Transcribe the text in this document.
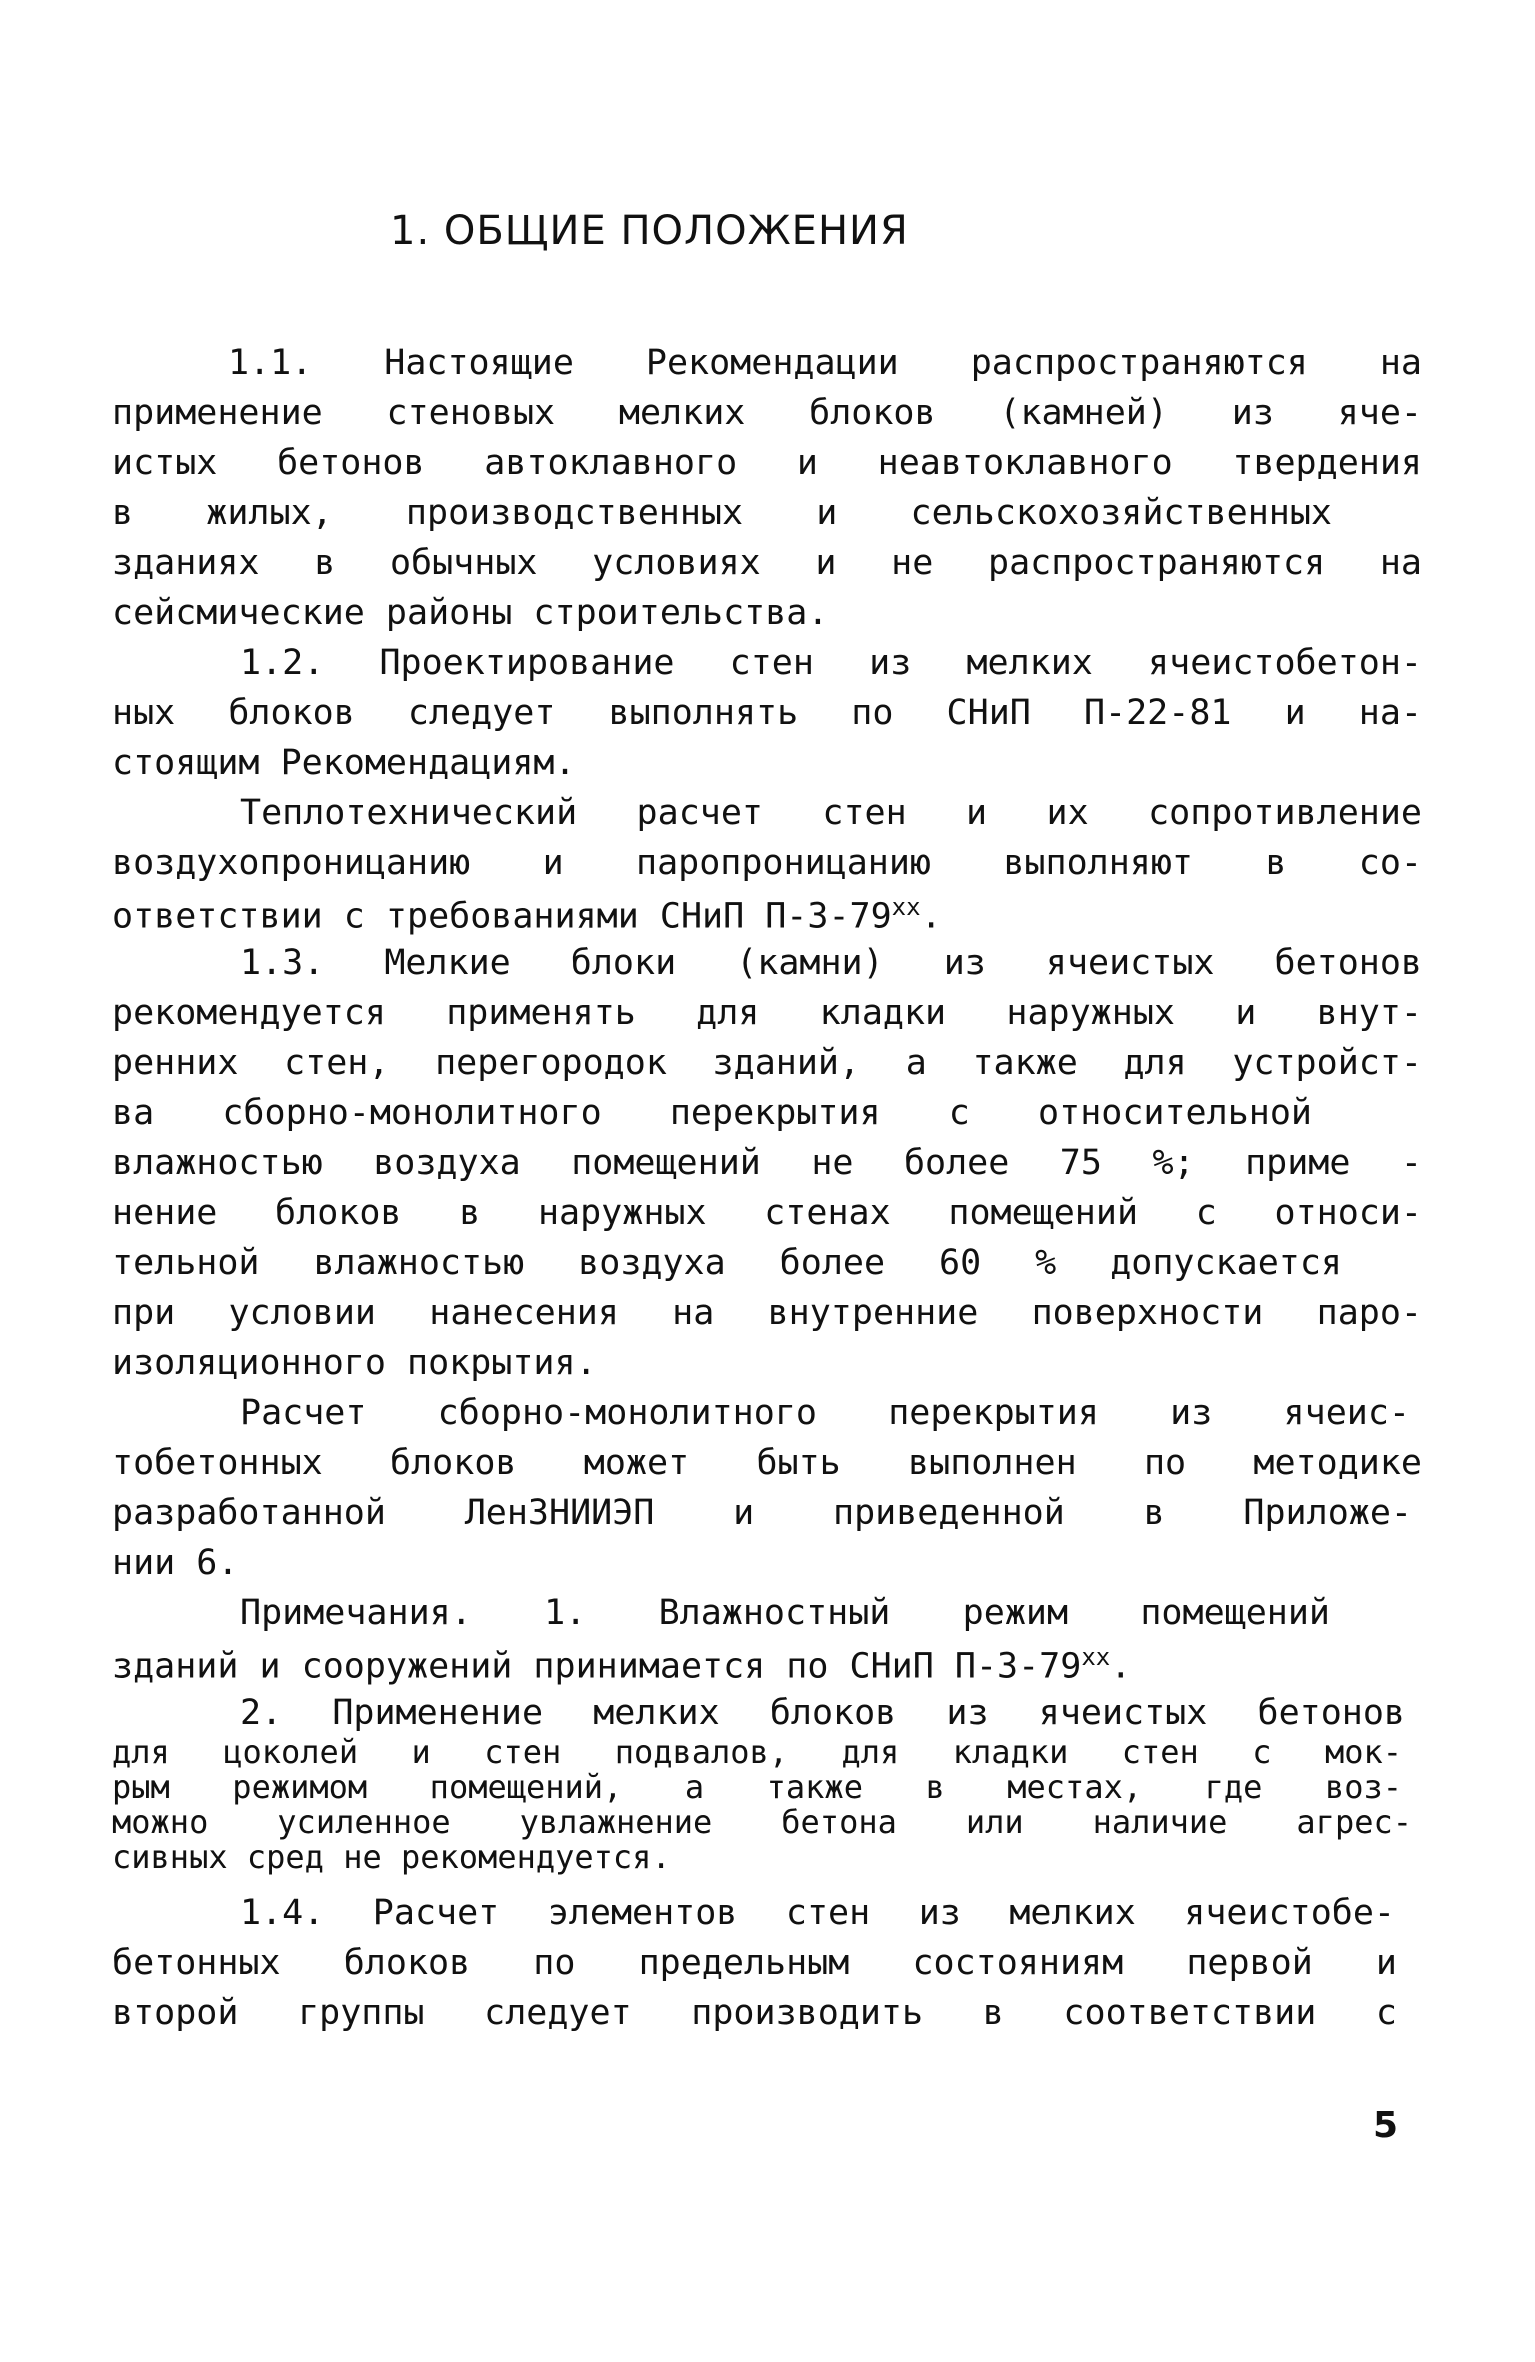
1. ОБЩИЕ ПОЛОЖЕНИЯ
1.1. Настоящие Рекомендации распространяются на
применение стеновых мелких блоков (камней) из яче-
истых бетонов автоклавного и неавтоклавного твердения
в жилых, производственных и сельскохозяйственных
зданиях в обычных условиях и не распространяются на
сейсмические районы строительства.
1.2. Проектирование стен из мелких ячеистобетон-
ных блоков следует выполнять по СНиП П-22-81 и на-
стоящим Рекомендациям.
Теплотехнический расчет стен и их сопротивление
воздухопроницанию и паропроницанию выполняют в со-
ответствии с требованиями СНиП П-3-79$^{xx}$.
1.3. Мелкие блоки (камни) из ячеистых бетонов
рекомендуется применять для кладки наружных и внут-
ренних стен, перегородок зданий, а также для устройст-
ва сборно-монолитного перекрытия с относительной
влажностью воздуха помещений не более 75 %; приме -
нение блоков в наружных стенах помещений с относи-
тельной влажностью воздуха более 60 % допускается
при условии нанесения на внутренние поверхности паро-
изоляционного покрытия.
Расчет сборно-монолитного перекрытия из ячеис-
тобетонных блоков может быть выполнен по методике
разработанной ЛенЗНИИЭП и приведенной в Приложе-
нии 6.
Примечания. 1. Влажностный режим помещений
зданий и сооружений принимается по СНиП П-3-79$^{xx}$.
2. Применение мелких блоков из ячеистых бетонов
для цоколей и стен подвалов, для кладки стен с мок-
рым режимом помещений, а также в местах, где воз-
можно усиленное увлажнение бетона или наличие агрес-
сивных сред не рекомендуется.
1.4. Расчет элементов стен из мелких ячеистобе-
бетонных блоков по предельным состояниям первой и
второй группы следует производить в соответствии с
5
